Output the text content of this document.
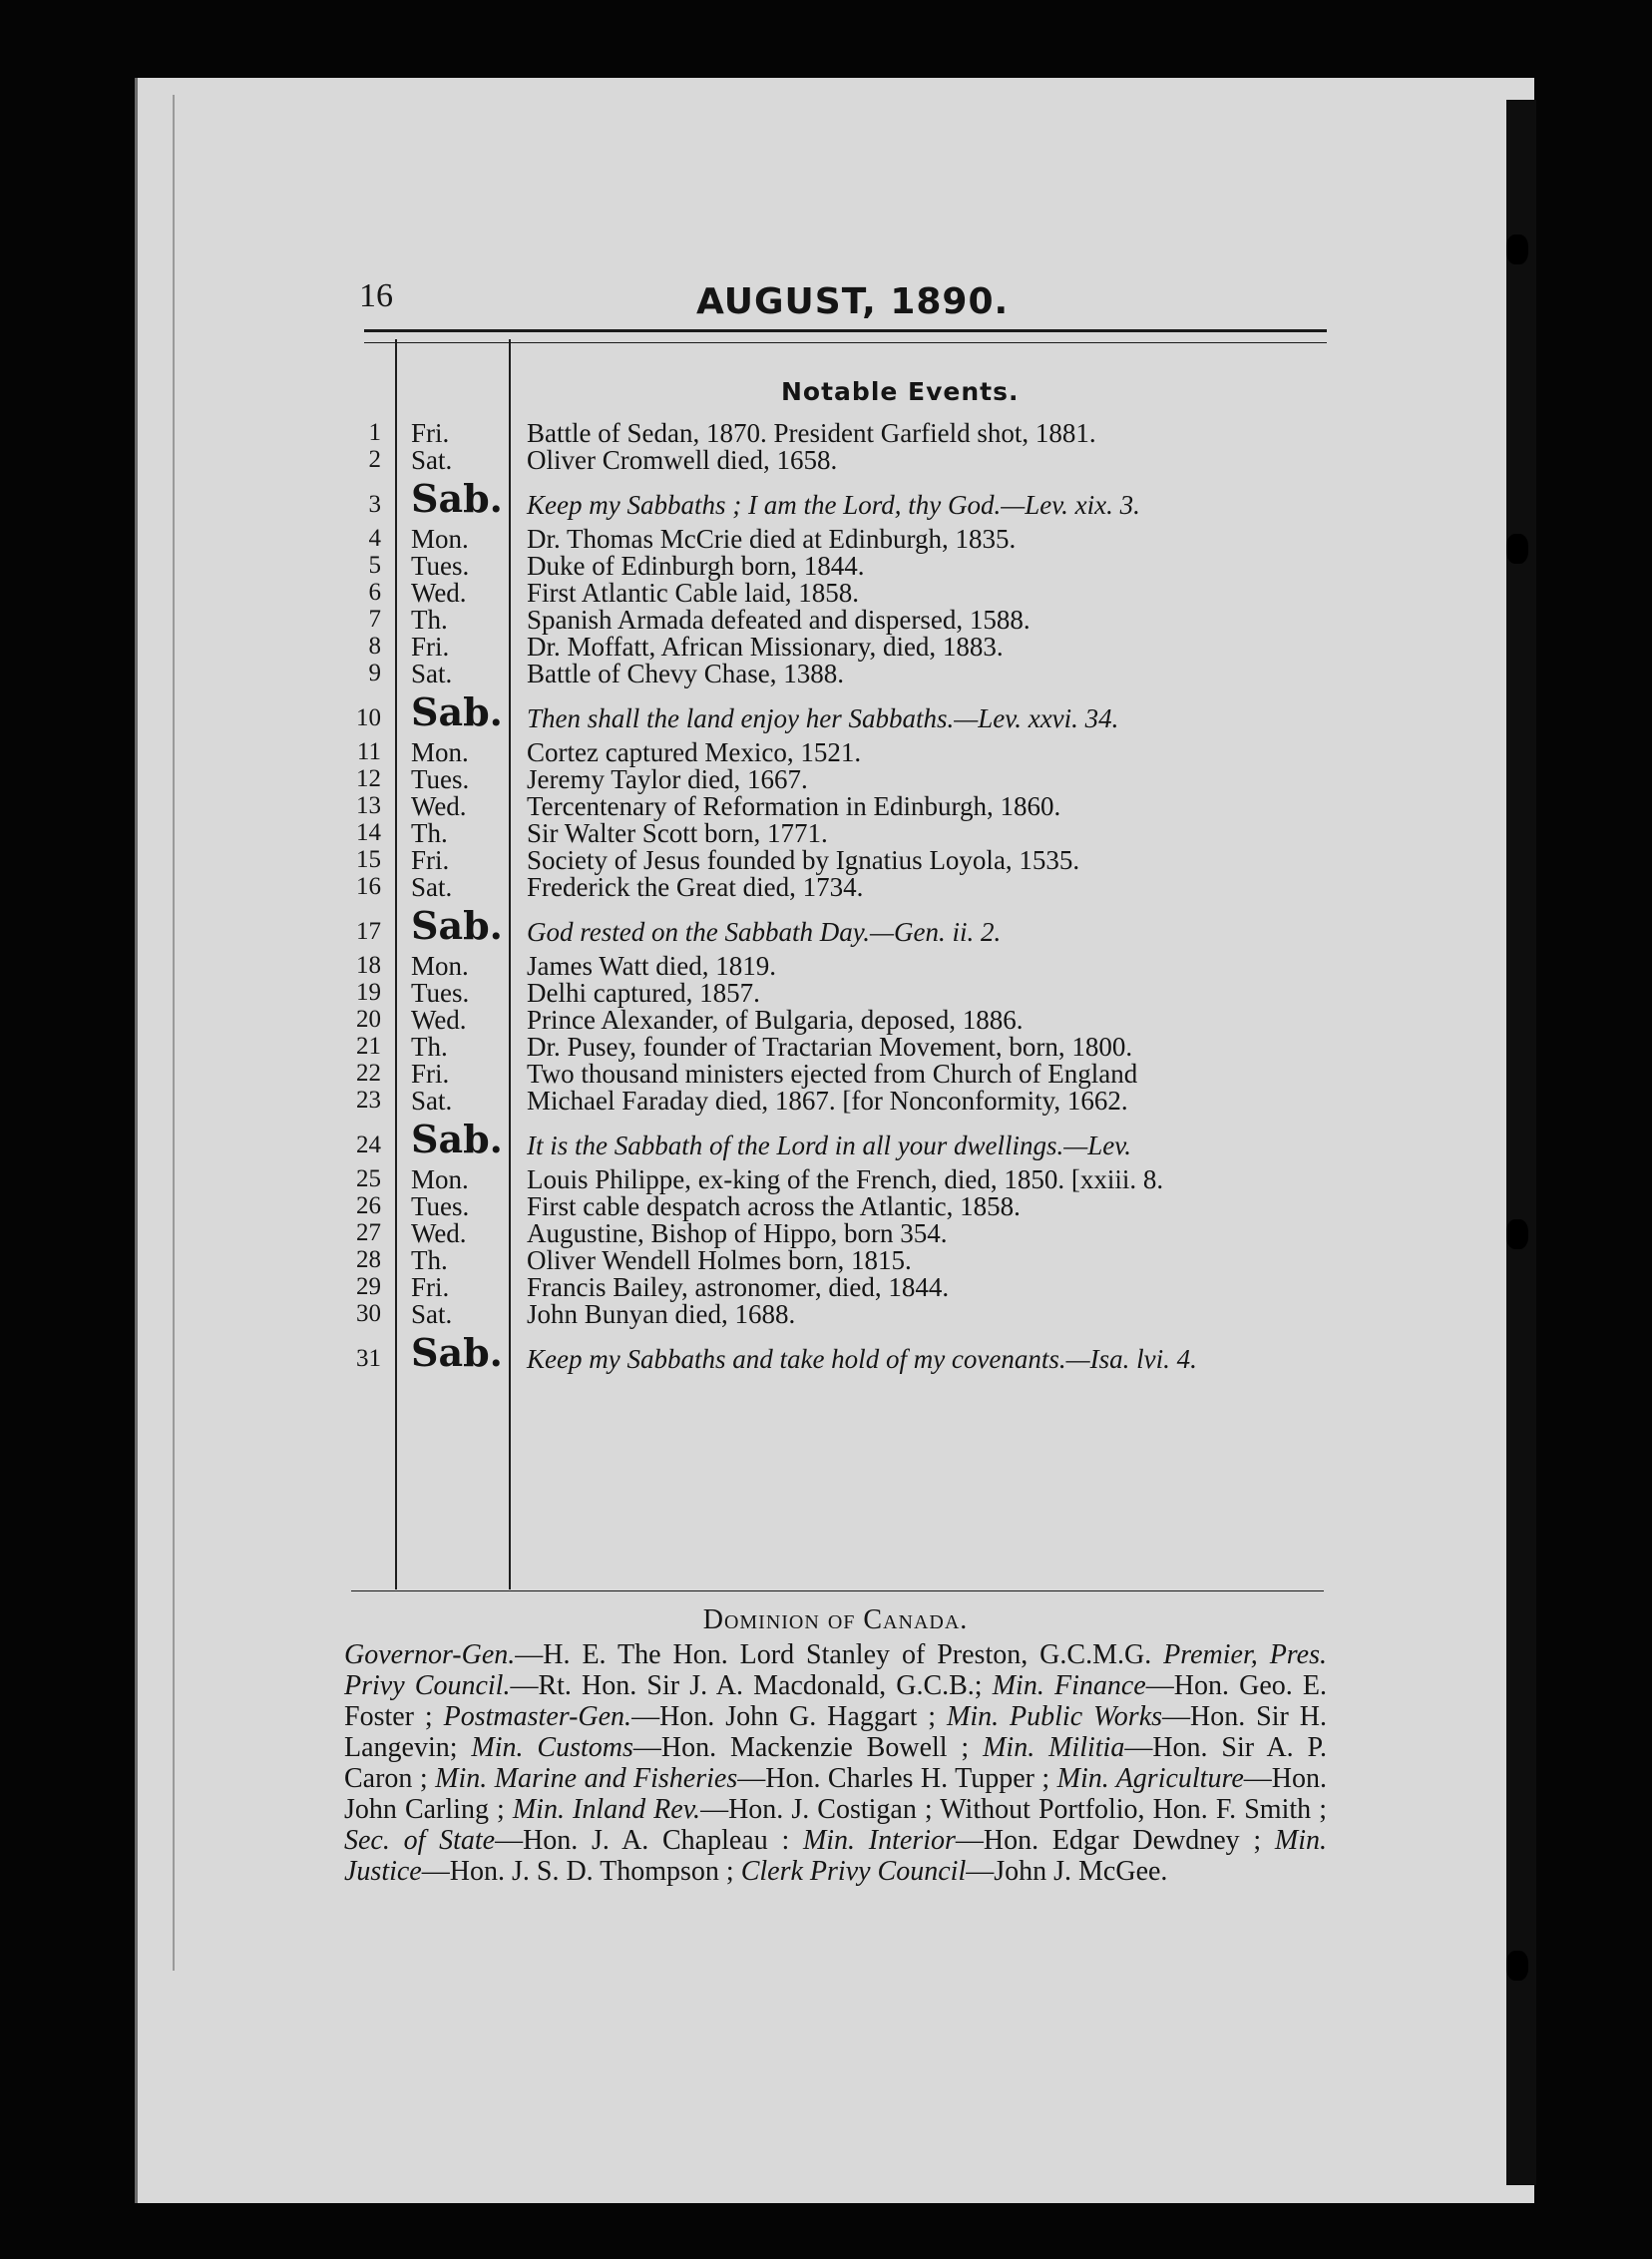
16	AUGUST, 1890.
Notable Events.
1 Fri.	Battle of Sedan, 1870. President Garfield shot, 1881.
2 Sat.	Oliver Cromwell died, 1658.
3 Sab. Keep my Sabbaths ; I am the Lord, thy God.—Lev. xix. 3.
4 Mon.	Dr. Thomas McCrie died at Edinburgh, 1835.
5 Tues.	Duke of Edinburgh born, 1844.
6 Wed.	First Atlantic Cable laid, 1858.
7 Th.	Spanish Armada defeated and dispersed, 1588.
8 Fri.	Dr. Moffatt, African Missionary, died, 1883.
9 Sat.	Battle of Chevy Chase, 1388.
10 Sab. Then shall the land enjoy her Sabbaths.—Lev. xxvi. 34.
11 Mon.	Cortez captured Mexico, 1521.
12 Tues.	Jeremy Taylor died, 1667.
13 Wed.	Tercentenary of Reformation in Edinburgh, 1860.
14 Th.	Sir Walter Scott born, 1771.
15 Fri.	Society of Jesus founded by Ignatius Loyola, 1535.
16 Sat.	Frederick the Great died, 1734.
17 Sab. God rested on the Sabbath Day.—Gen. ii. 2.
18 Mon.	James Watt died, 1819.
19 Tues.	Delhi captured, 1857.
20 Wed.	Prince Alexander, of Bulgaria, deposed, 1886.
21 Th.	Dr. Pusey, founder of Tractarian Movement, born, 1800.
22 Fri.	Two thousand ministers ejected from Church of England
23 Sat.	Michael Faraday died, 1867. [for Nonconformity, 1662.
24 Sab. It is the Sabbath of the Lord in all your dwellings.—Lev.
25 Mon.	Louis Philippe, ex-king of the French, died, 1850. [xxiii. 8.
26 Tues.	First cable despatch across the Atlantic, 1858.
27 Wed.	Augustine, Bishop of Hippo, born 354.
28 Th.	Oliver Wendell Holmes born, 1815.
29 Fri.	Francis Bailey, astronomer, died, 1844.
30 Sat.	John Bunyan died, 1688.
31 Sab. Keep my Sabbaths and take hold of my covenants.—Isa. lvi. 4.
Dominion of Canada.
Governor-Gen.—H. E. The Hon. Lord Stanley of Preston, G.C.M.G. Premier, Pres. Privy Council.—Rt. Hon. Sir J. A. Macdonald, G.C.B.; Min. Finance—Hon. Geo. E. Foster ; Postmaster-Gen.—Hon. John G. Haggart ; Min. Public Works—Hon. Sir H. Langevin; Min. Customs—Hon. Mackenzie Bowell ; Min. Militia—Hon. Sir A. P. Caron ; Min. Marine and Fisheries—Hon. Charles H. Tupper ; Min. Agriculture—Hon. John Carling ; Min. Inland Rev.—Hon. J. Costigan ; Without Portfolio, Hon. F. Smith ; Sec. of State—Hon. J. A. Chapleau : Min. Interior—Hon. Edgar Dewdney ; Min. Justice—Hon. J. S. D. Thompson ; Clerk Privy Council—John J. McGee.
